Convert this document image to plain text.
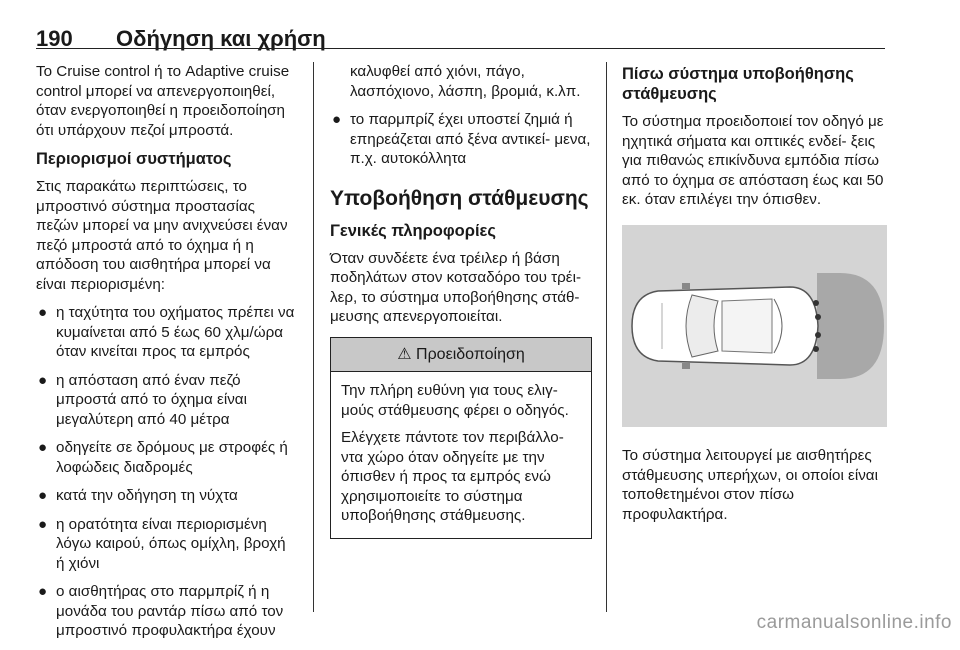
190 Οδήγηση και χρήση

Το Cruise control ή το Adaptive cruise control μπορεί να απενεργοποιηθεί, όταν ενεργοποιηθεί η προειδοποίηση ότι υπάρχουν πεζοί μπροστά.

Περιορισμοί συστήματος

Στις παρακάτω περιπτώσεις, το μπροστινό σύστημα προστασίας πεζών μπορεί να μην ανιχνεύσει έναν πεζό μπροστά από το όχημα ή η απόδοση του αισθητήρα μπορεί να είναι περιορισμένη:

● η ταχύτητα του οχήματος πρέπει να κυμαίνεται από 5 έως 60 χλμ/ώρα όταν κινείται προς τα εμπρός
● η απόσταση από έναν πεζό μπροστά από το όχημα είναι μεγαλύτερη από 40 μέτρα
● οδηγείτε σε δρόμους με στροφές ή λοφώδεις διαδρομές
● κατά την οδήγηση τη νύχτα
● η ορατότητα είναι περιορισμένη λόγω καιρού, όπως ομίχλη, βροχή ή χιόνι
● ο αισθητήρας στο παρμπρίζ ή η μονάδα του ραντάρ πίσω από τον μπροστινό προφυλακτήρα έχουν

καλυφθεί από χιόνι, πάγο, λασπόχιονο, λάσπη, βρομιά, κ.λπ.

● το παρμπρίζ έχει υποστεί ζημιά ή επηρεάζεται από ξένα αντικεί- μενα, π.χ. αυτοκόλλητα
Υποβοήθηση στάθμευσης
Γενικές πληροφορίες

Όταν συνδέετε ένα τρέιλερ ή βάση ποδηλάτων στον κοτσαδόρο του τρέι- λερ, το σύστημα υποβοήθησης στάθ- μευσης απενεργοποιείται.

⚠ Προειδοποίηση

Την πλήρη ευθύνη για τους ελιγ- μούς στάθμευσης φέρει ο οδηγός.

Ελέγχετε πάντοτε τον περιβάλλο- ντα χώρο όταν οδηγείτε με την όπισθεν ή προς τα εμπρός ενώ χρησιμοποιείτε το σύστημα υποβοήθησης στάθμευσης.

Πίσω σύστημα υποβοήθησης στάθμευσης

Το σύστημα προειδοποιεί τον οδηγό με ηχητικά σήματα και οπτικές ενδεί- ξεις για πιθανώς επικίνδυνα εμπόδια πίσω από το όχημα σε απόσταση έως και 50 εκ. όταν επιλέγει την όπισθεν.

Το σύστημα λειτουργεί με αισθητήρες στάθμευσης υπερήχων, οι οποίοι είναι τοποθετημένοι στον πίσω προφυλακτήρα.

carmanualsonline.info
